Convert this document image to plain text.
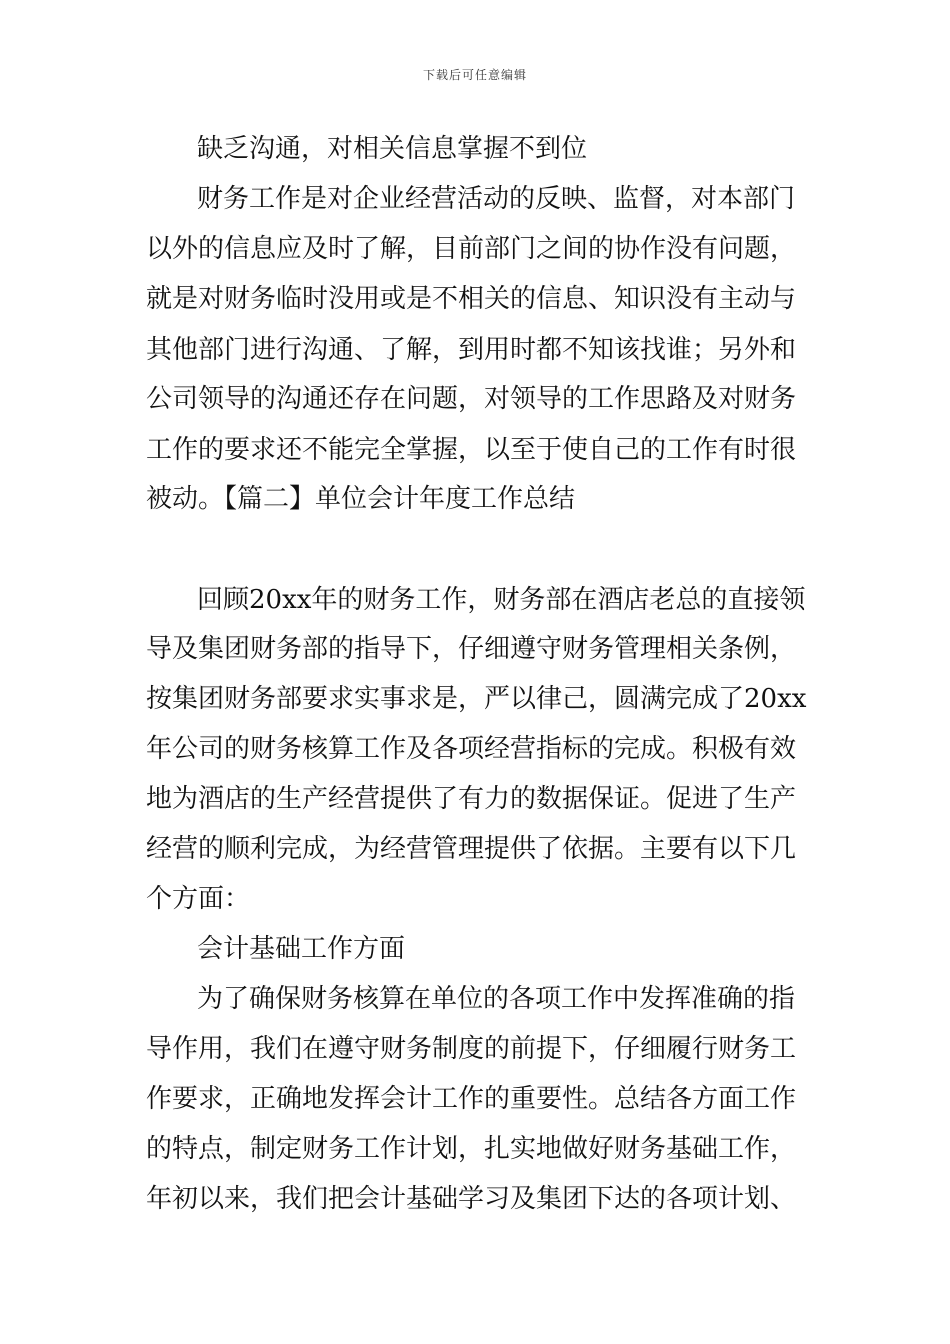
下载后可任意编辑
缺乏沟通，对相关信息掌握不到位
财务工作是对企业经营活动的反映、监督，对本部门
以外的信息应及时了解，目前部门之间的协作没有问题，
就是对财务临时没用或是不相关的信息、知识没有主动与
其他部门进行沟通、了解，到用时都不知该找谁；另外和
公司领导的沟通还存在问题，对领导的工作思路及对财务
工作的要求还不能完全掌握，以至于使自己的工作有时很
被动。【篇二】单位会计年度工作总结
回顾20xx年的财务工作，财务部在酒店老总的直接领
导及集团财务部的指导下，仔细遵守财务管理相关条例，
按集团财务部要求实事求是，严以律己，圆满完成了20xx
年公司的财务核算工作及各项经营指标的完成。积极有效
地为酒店的生产经营提供了有力的数据保证。促进了生产
经营的顺利完成，为经营管理提供了依据。主要有以下几
个方面：
会计基础工作方面
为了确保财务核算在单位的各项工作中发挥准确的指
导作用，我们在遵守财务制度的前提下，仔细履行财务工
作要求，正确地发挥会计工作的重要性。总结各方面工作
的特点，制定财务工作计划，扎实地做好财务基础工作，
年初以来，我们把会计基础学习及集团下达的各项计划、
